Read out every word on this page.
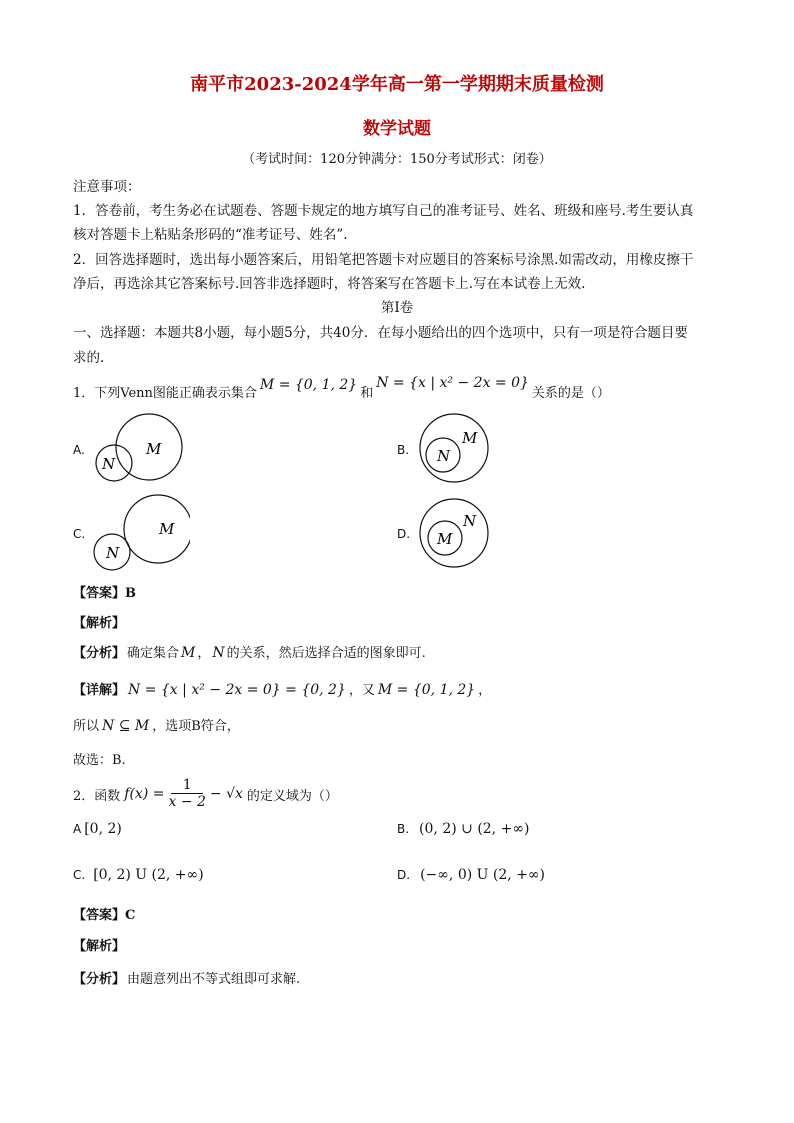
南平市2023-2024学年高一第一学期期末质量检测
数学试题
（考试时间：120分钟满分：150分考试形式：闭卷）
注意事项：
1．答卷前，考生务必在试题卷、答题卡规定的地方填写自己的准考证号、姓名、班级和座号.考生要认真
核对答题卡上粘贴条形码的“准考证号、姓名”.
2．回答选择题时，选出每小题答案后，用铅笔把答题卡对应题目的答案标号涂黑.如需改动，用橡皮擦干
净后，再选涂其它答案标号.回答非选择题时，将答案写在答题卡上.写在本试卷上无效.
第Ⅰ卷
一、选择题：本题共8小题，每小题5分，共40分．在每小题给出的四个选项中，只有一项是符合题目要
求的.
1．下列Venn图能正确表示集合 M = {0, 1, 2} 和
N = {x | x² − 2x = 0}
关系的是（）
A.	M
N
B.
M
N
C.	M
N
D.
N
M
【答案】B
【解析】
【分析】 确定集合 M ， N 的关系，然后选择合适的图象即可.
【详解】 N = {x | x² − 2x = 0} = {0, 2} ，又 M = {0, 1, 2} ，
所以 N ⊆ M ，选项B符合，
故选：B.
2．函数 f(x) =
1
x − 2 − √x 的定义域为（）
A [0, 2)	B. (0, 2) ∪ (2, +∞)
C. [0, 2) U (2, +∞)	D. (−∞, 0) U (2, +∞)
【答案】C
【解析】
【分析】 由题意列出不等式组即可求解.
